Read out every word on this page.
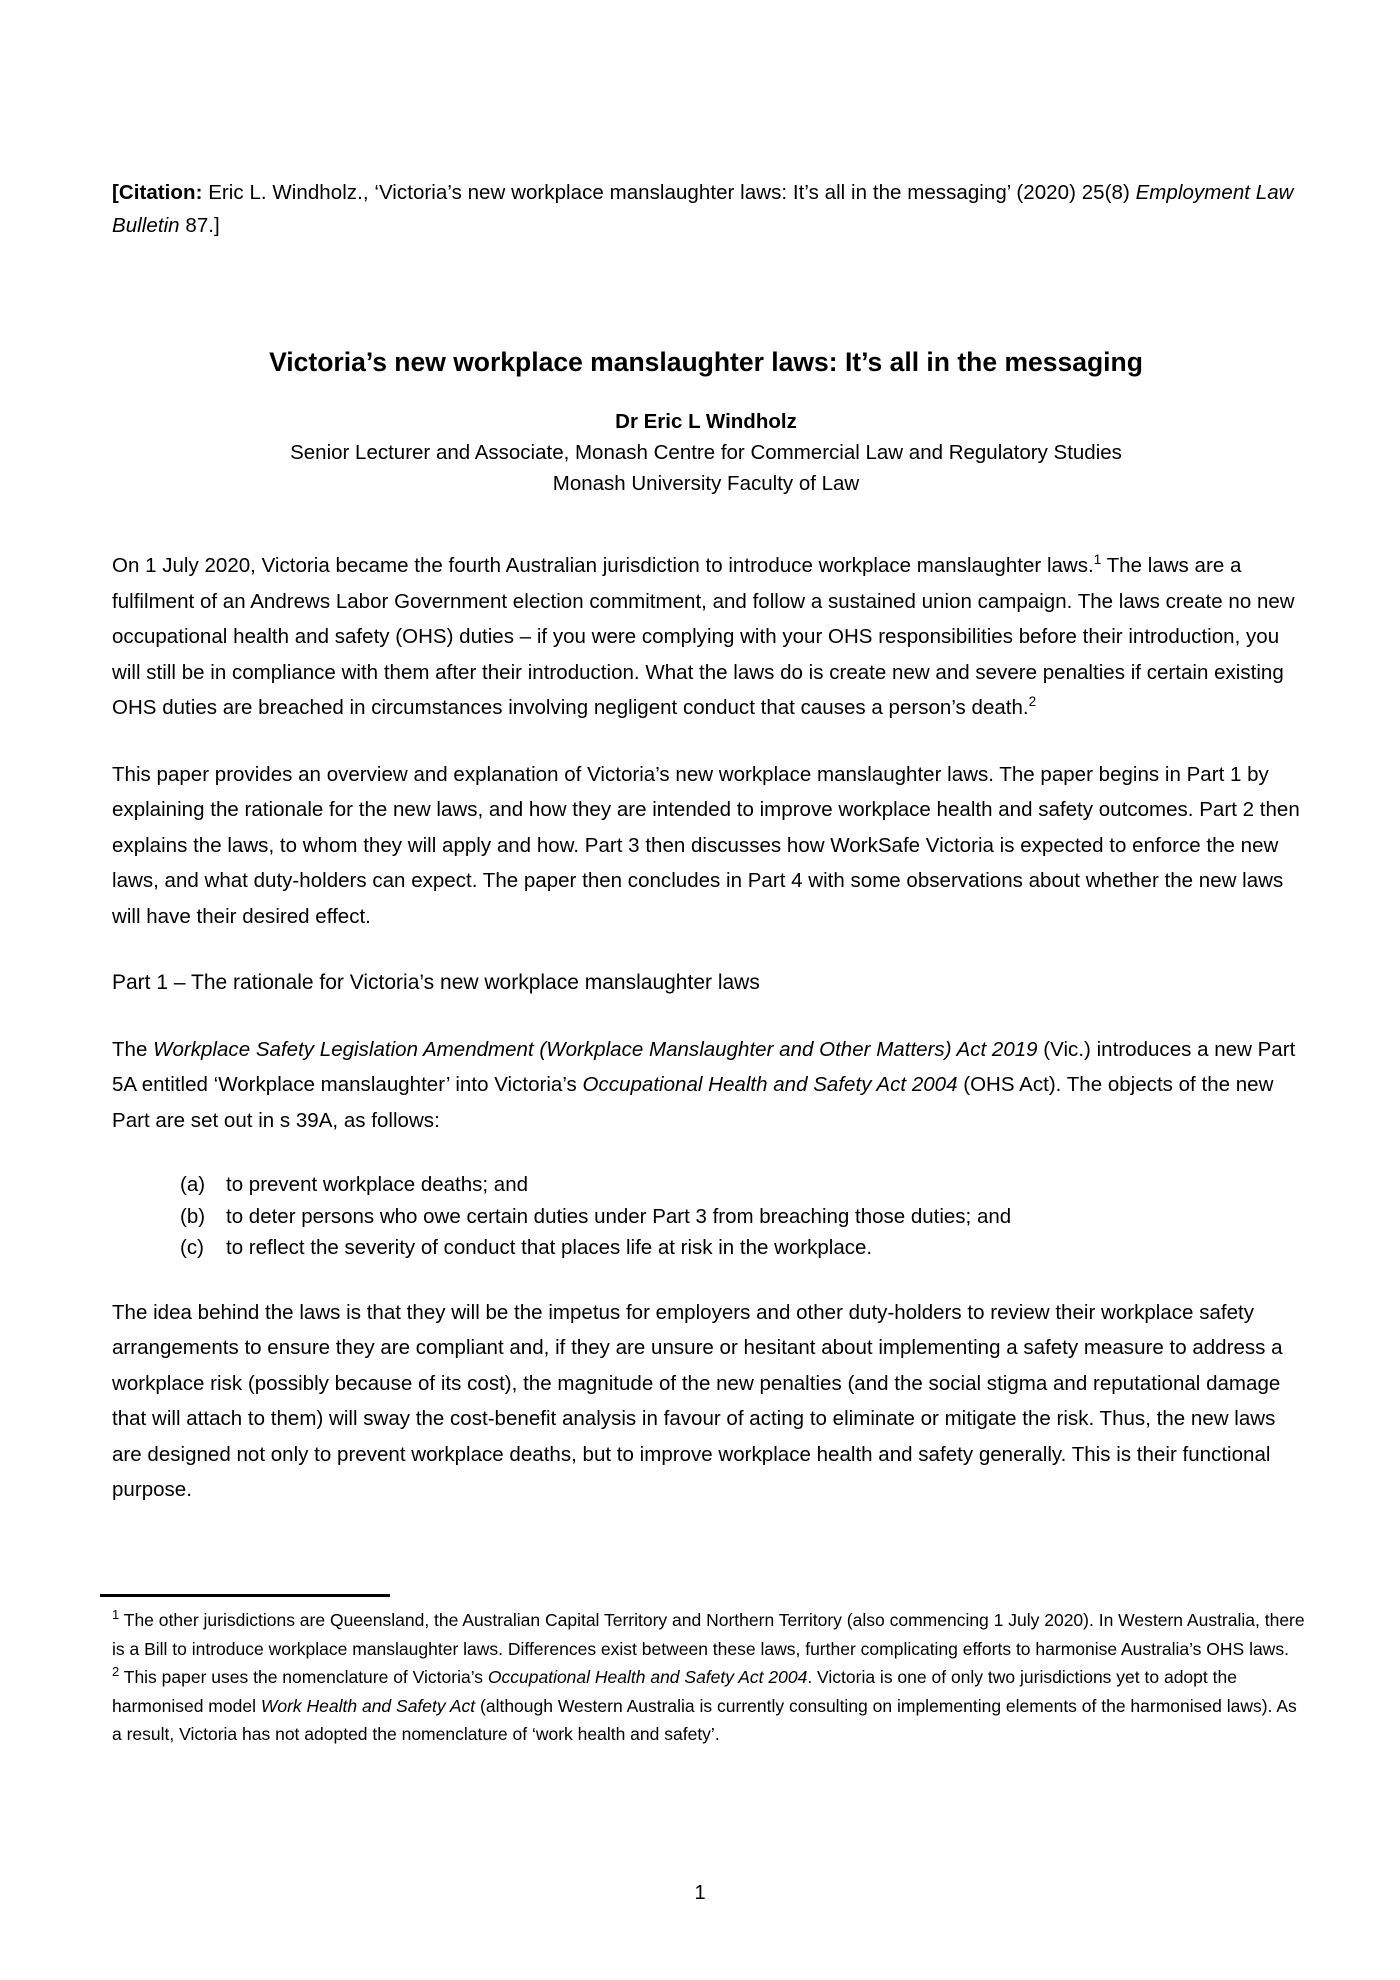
[Citation: Eric L. Windholz., ‘Victoria’s new workplace manslaughter laws: It’s all in the messaging’ (2020) 25(8) Employment Law Bulletin 87.]
Victoria’s new workplace manslaughter laws: It’s all in the messaging
Dr Eric L Windholz
Senior Lecturer and Associate, Monash Centre for Commercial Law and Regulatory Studies
Monash University Faculty of Law

On 1 July 2020, Victoria became the fourth Australian jurisdiction to introduce workplace manslaughter laws.$^1$ The laws are a fulfilment of an Andrews Labor Government election commitment, and follow a sustained union campaign. The laws create no new occupational health and safety (OHS) duties – if you were complying with your OHS responsibilities before their introduction, you will still be in compliance with them after their introduction. What the laws do is create new and severe penalties if certain existing OHS duties are breached in circumstances involving negligent conduct that causes a person’s death.$^2$

This paper provides an overview and explanation of Victoria’s new workplace manslaughter laws. The paper begins in Part 1 by explaining the rationale for the new laws, and how they are intended to improve workplace health and safety outcomes. Part 2 then explains the laws, to whom they will apply and how. Part 3 then discusses how WorkSafe Victoria is expected to enforce the new laws, and what duty-holders can expect. The paper then concludes in Part 4 with some observations about whether the new laws will have their desired effect.

Part 1 – The rationale for Victoria’s new workplace manslaughter laws

The Workplace Safety Legislation Amendment (Workplace Manslaughter and Other Matters) Act 2019 (Vic.) introduces a new Part 5A entitled ‘Workplace manslaughter’ into Victoria’s Occupational Health and Safety Act 2004 (OHS Act). The objects of the new Part are set out in s 39A, as follows:

(a)	to prevent workplace deaths; and
(b)	to deter persons who owe certain duties under Part 3 from breaching those duties; and
(c)	to reflect the severity of conduct that places life at risk in the workplace.

The idea behind the laws is that they will be the impetus for employers and other duty-holders to review their workplace safety arrangements to ensure they are compliant and, if they are unsure or hesitant about implementing a safety measure to address a workplace risk (possibly because of its cost), the magnitude of the new penalties (and the social stigma and reputational damage that will attach to them) will sway the cost-benefit analysis in favour of acting to eliminate or mitigate the risk. Thus, the new laws are designed not only to prevent workplace deaths, but to improve workplace health and safety generally. This is their functional purpose.

$^1$ The other jurisdictions are Queensland, the Australian Capital Territory and Northern Territory (also commencing 1 July 2020). In Western Australia, there is a Bill to introduce workplace manslaughter laws. Differences exist between these laws, further complicating efforts to harmonise Australia’s OHS laws.

$^2$ This paper uses the nomenclature of Victoria’s Occupational Health and Safety Act 2004. Victoria is one of only two jurisdictions yet to adopt the harmonised model Work Health and Safety Act (although Western Australia is currently consulting on implementing elements of the harmonised laws). As a result, Victoria has not adopted the nomenclature of ‘work health and safety’.

1
